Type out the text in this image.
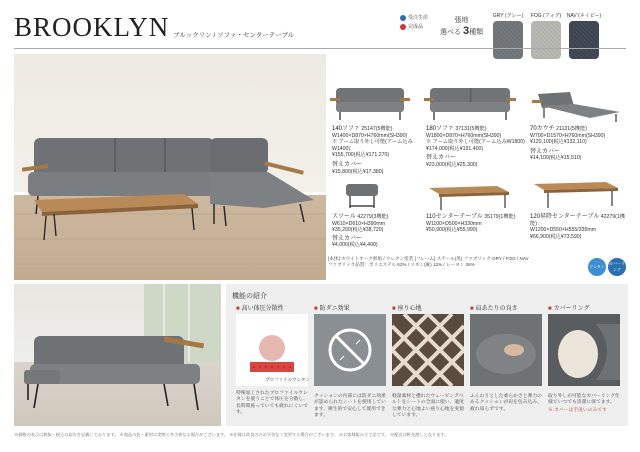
BROOKLYN ブルックリン / ソファ・センターテーブル
受注生産
完成品
張地
選べる 3種類
GRY (グレー)	FOG (フォグ)	NAV (ネイビー)
140ソファ 25147(5機能)
W1400×D870×H760mm(SH390)
※ アーム取り外し可能(アーム込みW1400)
¥155,700(税込¥171,270)
替えカバー
¥15,800(税込¥17,380)
180ソファ 37131(5機能)
W1800×D870×H760mm(SH390)
※ アーム取り外し可能(アーム込みW1800)
¥174,000(税込¥191,400)
替えカバー
¥23,000(税込¥25,300)
70カウチ 21131(5機能)
W700×D1570×H760mm(SH390)
¥120,100(税込¥132,110)
替えカバー
¥14,100(税込¥15,510)
スツール 42279(3機能)
W610×D610×H390mm
¥35,200(税込¥38,720)
替えカバー
¥4,000(税込¥4,400)
110センターテーブル 35179(1機能)
W1100×D500×H330mm
¥50,900(税込¥55,990)
120昇降センターテーブル 42279(1機能)
W1200×D550×H555/335mm
¥66,900(税込¥73,590)
[本体] ホワイトオーク無垢 / ウレタン塗装 [フレーム] スチール(黒) ファブリック GRY / FOG / NAV
ファブリック品質：ポリエステル 62% / リネン(麻) 12% / レーヨン 26%	ウレタン
カバーリング
機能の紹介
■ 高い体圧分散性
プロファイルウレタン
特殊加工されたプロファイルウレタンを使うことで体圧を分散し、長時間座っていても疲れにくいです。
■ 防ダニ効果
クッションの内部には防ダニ効果が認められたシートを使用しています。衛生的で安心して使用できます。
■ 座り心地
軽量素材と優れたウェービングベルトをシートの全面に使い、適度な弾力と心地よい座り心地を実現しています。
■ 肩あたりの良さ
ふんわりとした柔らかさと弾力のあるクッションが肩を包み込み、疲れ知らずです。
■ カバーリング
取り外しが可能なカバーリング仕様でいつでも清潔に保てます。
※ カバーは手洗いのみです
※価格の表示は税抜・税込の両方を記載しております。 ※商品の色・素材は実物と多少異なる場合がございます。 ※仕様は改良のため予告なく変更する場合がございます。 ※お客様組み立て品です。 ※配送は軒先渡しとなります。
